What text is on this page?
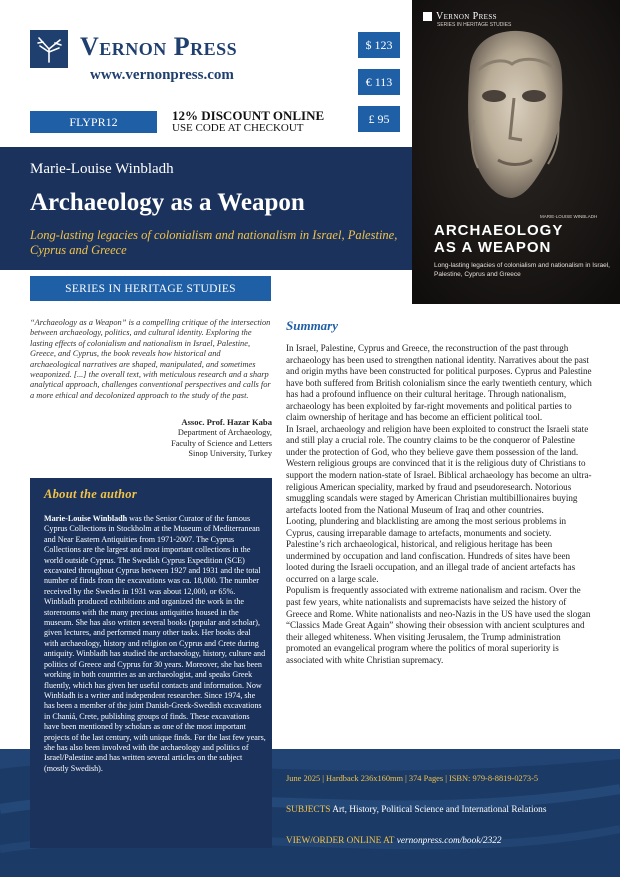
Vernon Press
www.vernonpress.com
$ 123
€ 113
£ 95
FLYPR12	12% DISCOUNT ONLINE
USE CODE AT CHECKOUT
Marie-Louise Winbladh
Archaeology as a Weapon
Long-lasting legacies of colonialism and nationalism in Israel, Palestine, Cyprus and Greece
SERIES IN HERITAGE STUDIES
Vernon Press
SERIES IN HERITAGE STUDIES
MARIE-LOUISE WINBLADH
ARCHAEOLOGY
AS A WEAPON
Long-lasting legacies of colonialism and nationalism in Israel, Palestine, Cyprus and Greece
“Archaeology as a Weapon” is a compelling critique of the intersection between archaeology, politics, and cultural identity. Exploring the lasting effects of colonialism and nationalism in Israel, Palestine, Greece, and Cyprus, the book reveals how historical and archaeological narratives are shaped, manipulated, and sometimes weaponized. [...] the overall text, with meticulous research and a sharp analytical approach, challenges conventional perspectives and calls for a more ethical and decolonized approach to the study of the past.
Assoc. Prof. Hazar Kaba
Department of Archaeology,
Faculty of Science and Letters
Sinop University, Turkey
About the author
Marie-Louise Winbladh was the Senior Curator of the famous Cyprus Collections in Stockholm at the Museum of Mediterranean and Near Eastern Antiquities from 1971-2007. The Cyprus Collections are the largest and most important collections in the world outside Cyprus. The Swedish Cyprus Expedition (SCE) excavated throughout Cyprus between 1927 and 1931 and the total number of finds from the excavations was ca. 18,000. The number received by the Swedes in 1931 was about 12,000, or 65%. Winbladh produced exhibitions and organized the work in the storerooms with the many precious antiquities housed in the museum. She has also written several books (popular and scholar), given lectures, and performed many other tasks. Her books deal with archaeology, history and religion on Cyprus and Crete during antiquity. Winbladh has studied the archaeology, history, culture and politics of Greece and Cyprus for 30 years. Moreover, she has been working in both countries as an archaeologist, and speaks Greek fluently, which has given her useful contacts and information. Now Winbladh is a writer and independent researcher. Since 1974, she has been a member of the joint Danish-Greek-Swedish excavations in Chaniá, Crete, publishing groups of finds. These excavations have been mentioned by scholars as one of the most important projects of the last century, with unique finds. For the last few years, she has also been involved with the archaeology and politics of Israel/Palestine and has written several articles on the subject (mostly Swedish).
Summary

In Israel, Palestine, Cyprus and Greece, the reconstruction of the past through archaeology has been used to strengthen national identity. Narratives about the past and origin myths have been constructed for political purposes. Cyprus and Palestine have both suffered from British colonialism since the early twentieth century, which has had a profound influence on their cultural heritage. Through nationalism, archaeology has been exploited by far-right movements and political parties to claim ownership of heritage and has become an efficient political tool.

In Israel, archaeology and religion have been exploited to construct the Israeli state and still play a crucial role. The country claims to be the conqueror of Palestine under the protection of God, who they believe gave them possession of the land. Western religious groups are convinced that it is the religious duty of Christians to support the modern nation-state of Israel. Biblical archaeology has become an ultra-religious American speciality, marked by fraud and pseudoresearch. Notorious smuggling scandals were staged by American Christian multibillionaires buying artefacts looted from the National Museum of Iraq and other countries.

Looting, plundering and blacklisting are among the most serious problems in Cyprus, causing irreparable damage to artefacts, monuments and society. Palestine’s rich archaeological, historical, and religious heritage has been undermined by occupation and land confiscation. Hundreds of sites have been looted during the Israeli occupation, and an illegal trade of ancient artefacts has occurred on a large scale.

Populism is frequently associated with extreme nationalism and racism. Over the past few years, white nationalists and supremacists have seized the history of Greece and Rome. White nationalists and neo-Nazis in the US have used the slogan “Classics Made Great Again” showing their obsession with ancient sculptures and their alleged whiteness. When visiting Jerusalem, the Trump administration promoted an evangelical program where the politics of moral superiority is associated with white Christian supremacy.

June 2025 | Hardback 236x160mm | 374 Pages | ISBN: 979-8-8819-0273-5
SUBJECTS Art, History, Political Science and International Relations
VIEW/ORDER ONLINE AT vernonpress.com/book/2322
